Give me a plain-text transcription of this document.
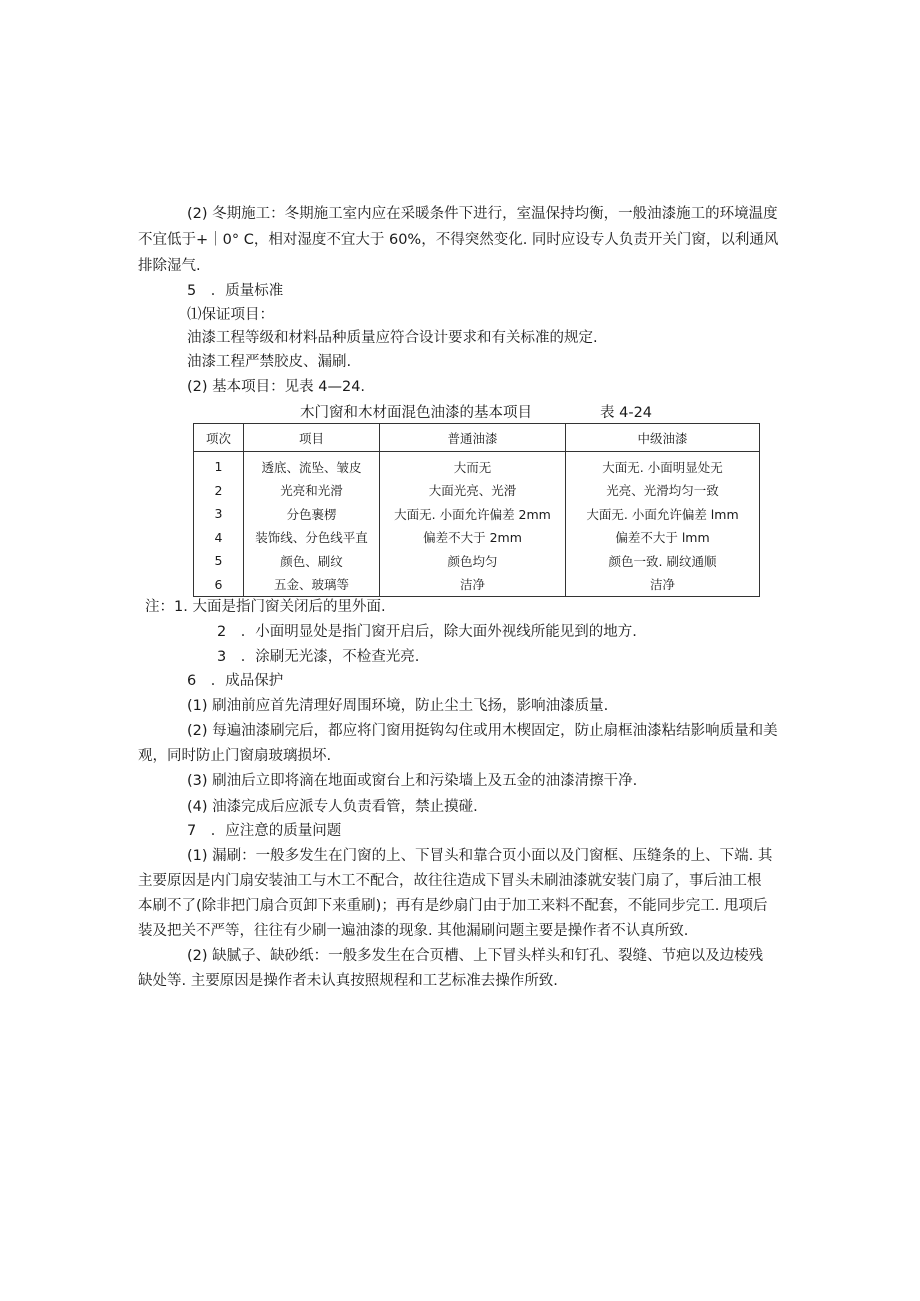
(2) 冬期施工：冬期施工室内应在采暖条件下进行，室温保持均衡，一般油漆施工的环境温度
不宜低于+｜0° C，相对湿度不宜大于 60%，不得突然变化. 同时应设专人负责开关门窗，以利通风
排除湿气.
5　．质量标准
⑴保证项目：
油漆工程等级和材料品种质量应符合设计要求和有关标准的规定.
油漆工程严禁胶皮、漏刷.
(2) 基本项目：见表 4—24.
木门窗和木材面混色油漆的基本项目	表 4-24
项次	项目	普通油漆	中级油漆
1	透底、流坠、皱皮	大而无	大面无. 小面明显处无
2	光亮和光滑	大面光亮、光滑	光亮、光滑均匀一致
3	分色裹楞	大面无. 小面允许偏差 2mm	大面无. 小面允许偏差 lmm
4	装饰线、分色线平直	偏差不大于 2mm	偏差不大于 lmm
5	颜色、刷纹	颜色均匀	颜色一致. 刷纹通顺
6	五金、玻璃等	洁净	洁净
注：1. 大面是指门窗关闭后的里外面.
2　．小面明显处是指门窗开启后，除大面外视线所能见到的地方.
3　．涂刷无光漆，不检查光亮.
6　．成品保护
(1) 刷油前应首先清理好周围环境，防止尘土飞扬，影响油漆质量.
(2) 每遍油漆刷完后，都应将门窗用挺钩勾住或用木楔固定，防止扇框油漆粘结影响质量和美
观，同时防止门窗扇玻璃损坏.
(3) 刷油后立即将滴在地面或窗台上和污染墙上及五金的油漆清擦干净.
(4) 油漆完成后应派专人负责看管，禁止摸碰.
7　．应注意的质量问题
(1) 漏刷：一般多发生在门窗的上、下冒头和靠合页小面以及门窗框、压缝条的上、下端. 其
主要原因是内门扇安装油工与木工不配合，故往往造成下冒头未刷油漆就安装门扇了，事后油工根
本刷不了(除非把门扇合页卸下来重刷)；再有是纱扇门由于加工来料不配套，不能同步完工. 甩项后
装及把关不严等，往往有少刷一遍油漆的现象. 其他漏刷问题主要是操作者不认真所致.
(2) 缺腻子、缺砂纸：一般多发生在合页槽、上下冒头样头和钉孔、裂缝、节疤以及边棱残
缺处等. 主要原因是操作者未认真按照规程和工艺标准去操作所致.
